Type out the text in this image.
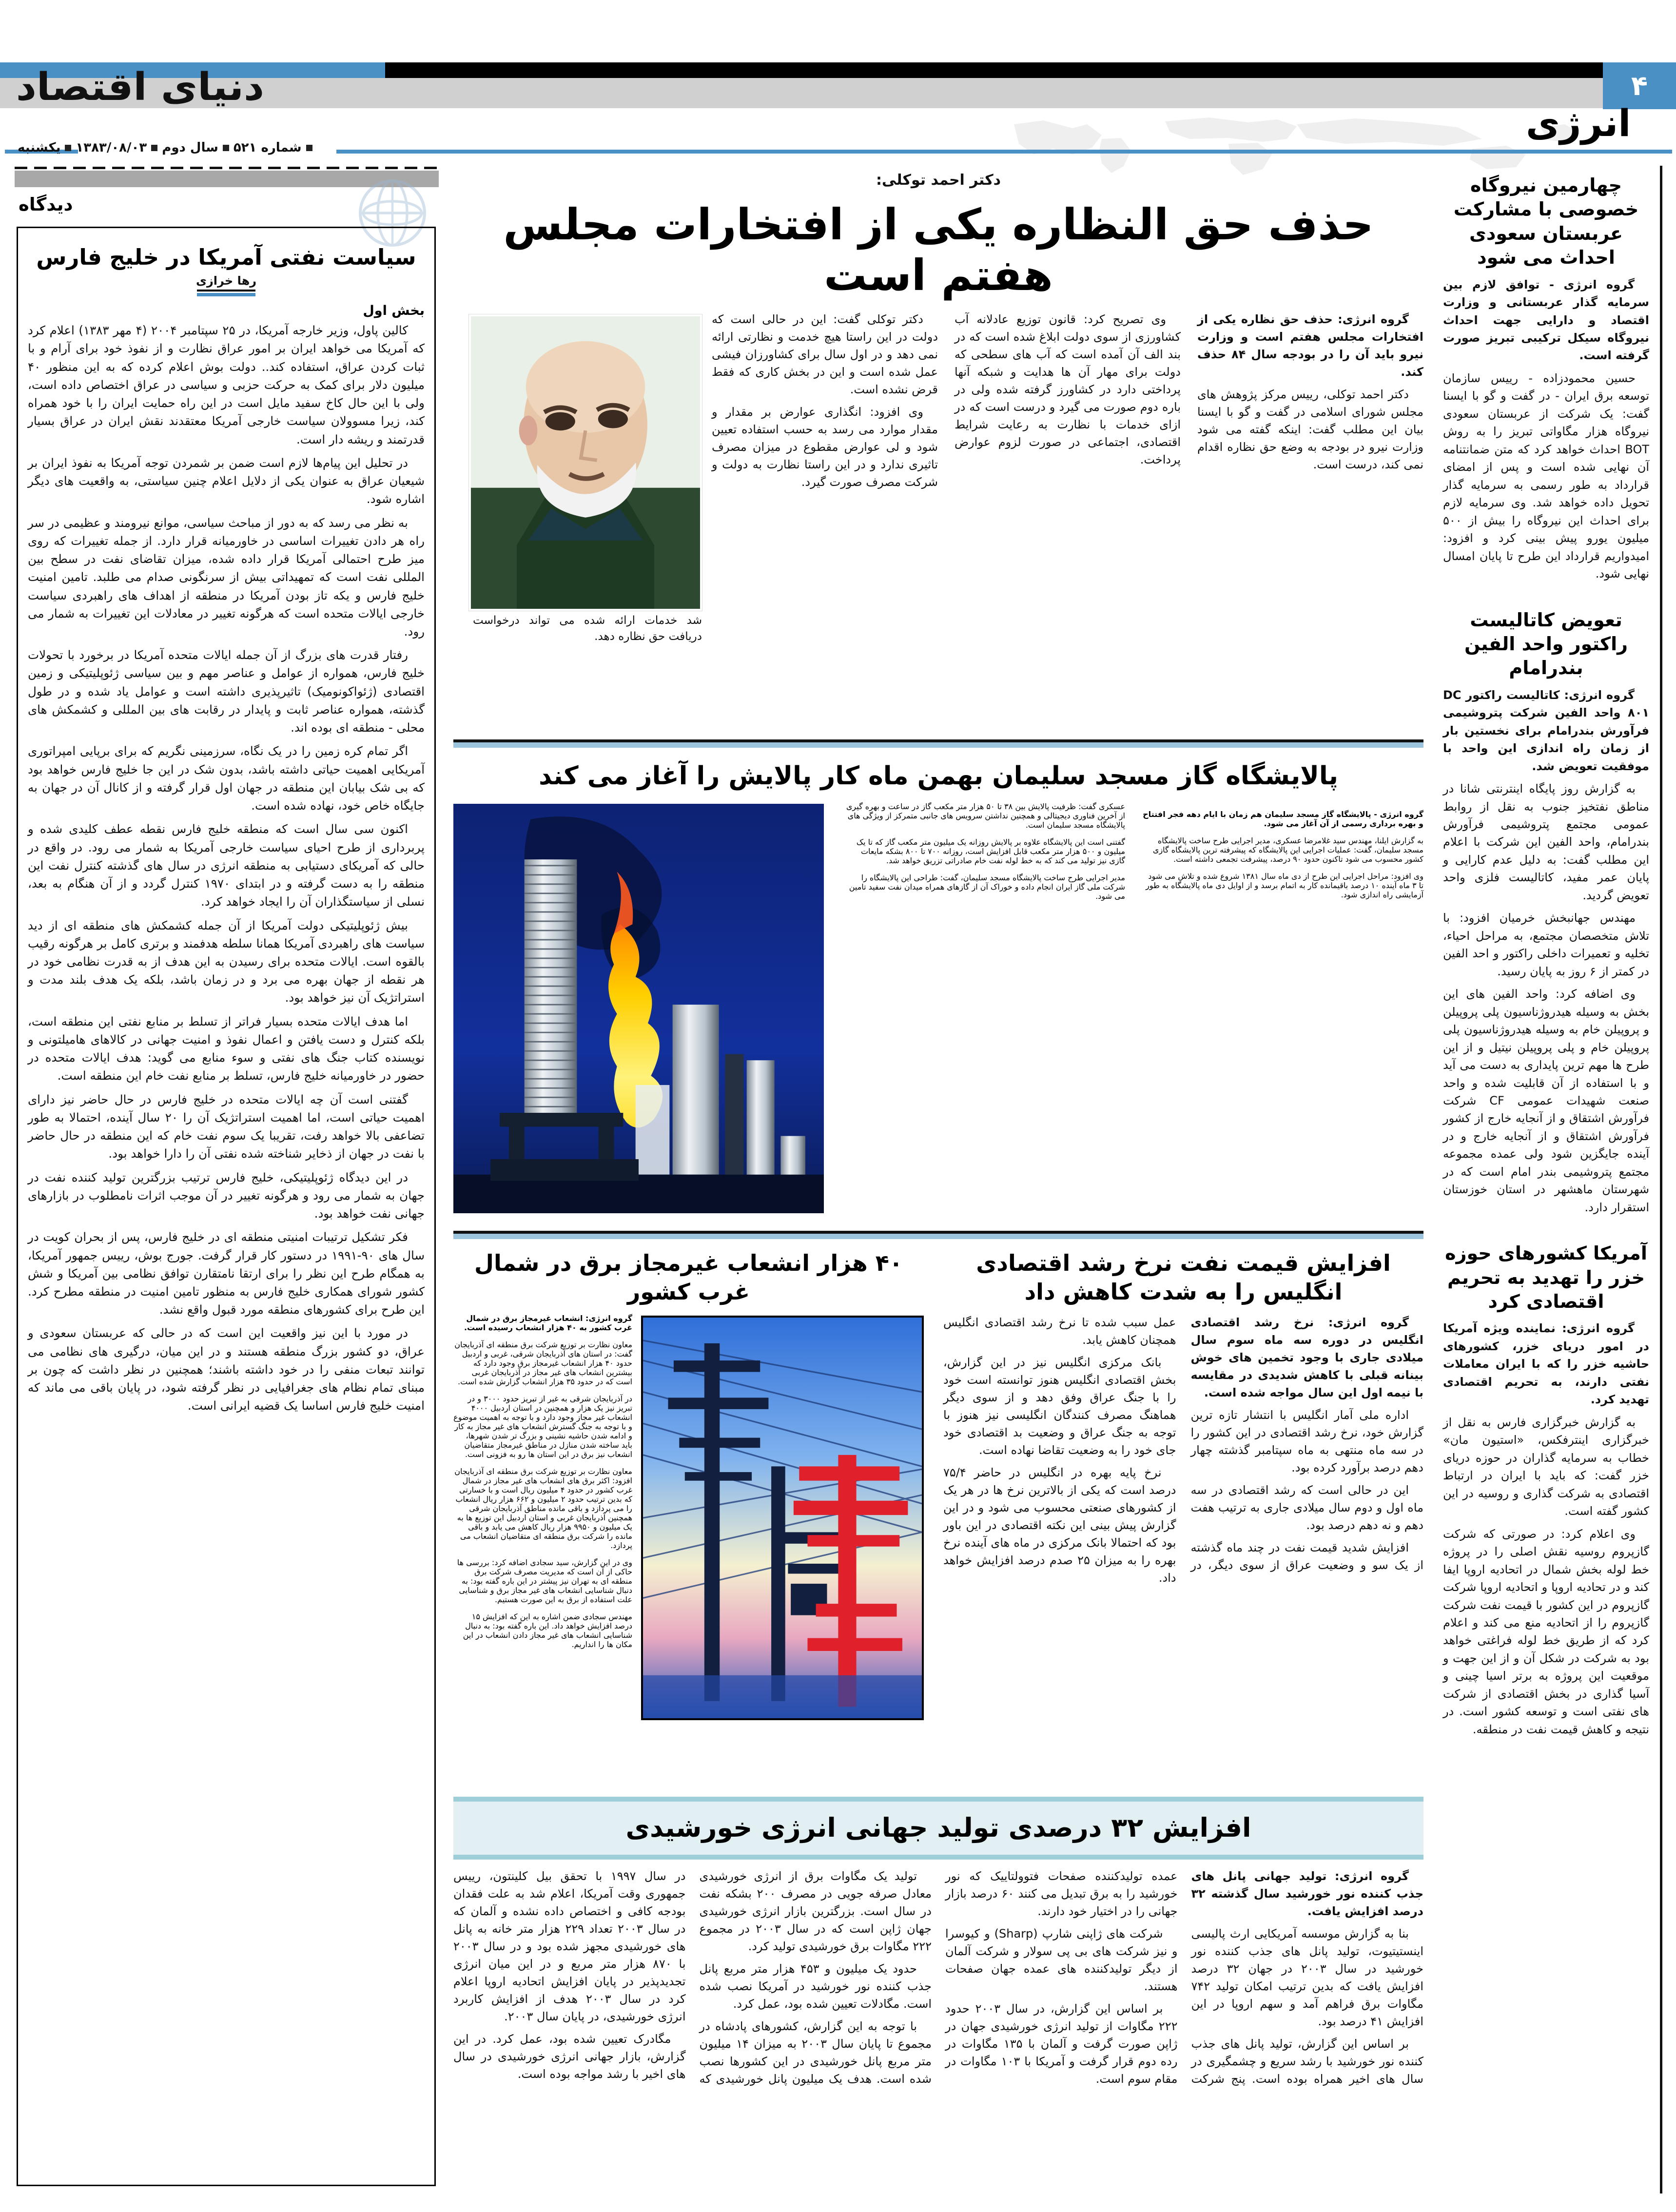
دنیای اقتصاد	۴
انرژی
شماره ۵۲۱سال دوم۱۳۸۳/۰۸/۰۳یکشنبه
دیدگاه
سیاست نفتی آمریکا در خلیج فارس
رها خرازی
بخش اول

کالین پاول، وزیر خارجه آمریکا، در ۲۵ سپتامبر ۲۰۰۴ (۴ مهر ۱۳۸۳) اعلام کرد که آمریکا می خواهد ایران بر امور عراق نظارت و از نفوذ خود برای آرام و با ثبات کردن عراق، استفاده کند.. دولت بوش اعلام کرده که به این منظور ۴۰ میلیون دلار برای کمک به حرکت حزبی و سیاسی در عراق اختصاص داده است، ولی با این حال کاخ سفید مایل است در این راه حمایت ایران را با خود همراه کند، زیرا مسوولان سیاست خارجی آمریکا معتقدند نقش ایران در عراق بسیار قدرتمند و ریشه دار است.

در تحلیل این پیام‌ها لازم است ضمن بر شمردن توجه آمریکا به نفوذ ایران بر شیعیان عراق به عنوان یکی از دلایل اعلام چنین سیاستی، به واقعیت های دیگر اشاره شود.

به نظر می رسد که به دور از مباحث سیاسی، موانع نیرومند و عظیمی در سر راه هر دادن تغییرات اساسی در خاورمیانه قرار دارد. از جمله تغییرات که روی میز طرح احتمالی آمریکا قرار داده شده، میزان تقاضای نفت در سطح بین المللی نفت است که تمهیداتی بیش از سرنگونی صدام می طلبد. تامین امنیت خلیج فارس و یکه تاز بودن آمریکا در منطقه از اهداف های راهبردی سیاست خارجی ایالات متحده است که هرگونه تغییر در معادلات این تغییرات به شمار می رود.

رفتار قدرت های بزرگ از آن جمله ایالات متحده آمریکا در برخورد با تحولات خلیج فارس، همواره از عوامل و عناصر مهم و بین سیاسی ژئوپلیتیکی و زمین اقتصادی (ژئواکونومیک) تاثیرپذیری داشته است و عوامل یاد شده و در طول گذشته، همواره عناصر ثابت و پایدار در رقابت های بین المللی و کشمکش های محلی - منطقه ای بوده اند.

اگر تمام کره زمین را در یک نگاه، سرزمینی نگریم که برای برپایی امپراتوری آمریکایی اهمیت حیاتی داشته باشد، بدون شک در این جا خلیج فارس خواهد بود که بی شک بیابان این منطقه در جهان اول قرار گرفته و از کانال آن در جهان به جایگاه خاص خود، نهاده شده است.

اکنون سی سال است که منطقه خلیج فارس نقطه عطف کلیدی شده و پربرداری از طرح احیای سیاست خارجی آمریکا به شمار می رود. در واقع در حالی که آمریکای دستیابی به منطقه انرژی در سال های گذشته کنترل نفت این منطقه را به دست گرفته و در ابتدای ۱۹۷۰ کنترل گردد و از آن هنگام به بعد، نسلی از سیاستگذاران آن را ایجاد خواهد کرد.

بیش ژئوپلیتیکی دولت آمریکا از آن جمله کشمکش های منطقه ای از دید سیاست های راهبردی آمریکا همانا سلطه هدفمند و برتری کامل بر هرگونه رقیب بالقوه است. ایالات متحده برای رسیدن به این هدف از به قدرت نظامی خود در هر نقطه از جهان بهره می برد و در زمان باشد، بلکه یک هدف بلند مدت و استراتژیک آن نیز خواهد بود.

اما هدف ایالات متحده بسیار فراتر از تسلط بر منابع نفتی این منطقه است، بلکه کنترل و دست یافتن و اعمال نفوذ و امنیت جهانی در کالاهای هامیلتونی و نویسنده کتاب جنگ های نفتی و سوء منابع می گوید: هدف ایالات متحده در حضور در خاورمیانه خلیج فارس، تسلط بر منابع نفت خام این منطقه است.

گفتنی است آن چه ایالات متحده در خلیج فارس در حال حاضر نیز دارای اهمیت حیاتی است، اما اهمیت استراتژیک آن را ۲۰ سال آینده، احتمالا به طور تضاعفی بالا خواهد رفت، تقریبا یک سوم نفت خام که این منطقه در حال حاضر با نفت در جهان از ذخایر شناخته شده نفتی آن را دارا خواهد بود.

در این دیدگاه ژئوپلیتیکی، خلیج فارس ترتیب بزرگترین تولید کننده نفت در جهان به شمار می رود و هرگونه تغییر در آن موجب اثرات نامطلوب در بازارهای جهانی نفت خواهد بود.

فکر تشکیل ترتیبات امنیتی منطقه ای در خلیج فارس، پس از بحران کویت در سال های ۹۰-۱۹۹۱ در دستور کار قرار گرفت. جورج بوش، رییس جمهور آمریکا، به همگام طرح این نظر را برای ارتقا نامتقارن توافق نظامی بین آمریکا و شش کشور شورای همکاری خلیج فارس به منظور تامین امنیت در منطقه مطرح کرد. این طرح برای کشورهای منطقه مورد قبول واقع نشد.

در مورد با این نیز واقعیت این است که در حالی که عربستان سعودی و عراق، دو کشور بزرگ منطقه هستند و در این میان، درگیری های نظامی می توانند تبعات منفی را در خود داشته باشند؛ همچنین در نظر داشت که چون بر مبنای تمام نظام های جغرافیایی در نظر گرفته شود، در پایان باقی می ماند که امنیت خلیج فارس اساسا یک قضیه ایرانی است.

دکتر احمد توکلی:
حذف حق النظاره یکی از افتخارات مجلس هفتم است
شد خدمات ارائه شده می تواند درخواست دریافت حق نظاره دهد.

گروه انرژی: حذف حق نظاره یکی از افتخارات مجلس هفتم است و وزارت نیرو باید آن را در بودجه سال ۸۴ حذف کند.

دکتر احمد توکلی، رییس مرکز پژوهش های مجلس شورای اسلامی در گفت و گو با ایسنا بیان این مطلب گفت: اینکه گفته می شود وزارت نیرو در بودجه به وضع حق نظاره اقدام نمی کند، درست است.

وی تصریح کرد: قانون توزیع عادلانه آب کشاورزی از سوی دولت ابلاغ شده است که در بند الف آن آمده است که آب های سطحی که دولت برای مهار آن ها هدایت و شبکه آنها پرداختی دارد در کشاورز گرفته شده ولی در باره دوم صورت می گیرد و درست است که در ازای خدمات با نظارت به رعایت شرایط اقتصادی، اجتماعی در صورت لزوم عوارض پرداخت.

دکتر توکلی گفت: این در حالی است که دولت در این راستا هیچ خدمت و نظارتی ارائه نمی دهد و در اول سال برای کشاورزان فیشی عمل شده است و این در بخش کاری که فقط قرض نشده است.

وی افزود: انگذاری عوارض بر مقدار و مقدار موارد می رسد به حسب استفاده تعیین شود و لی عوارض مقطوع در میزان مصرف تاثیری ندارد و در این راستا نظارت به دولت و شرکت مصرف صورت گیرد.

پالایشگاه گاز مسجد سلیمان بهمن ماه کار پالایش را آغاز می کند

گروه انرژی - پالایشگاه گاز مسجد سلیمان هم زمان با ایام دهه فجر افتتاح و بهره برداری رسمی از آن آغاز می شود.

به گزارش ایلنا، مهندس سید غلامرضا عسکری، مدیر اجرایی طرح ساخت پالایشگاه مسجد سلیمان، گفت: عملیات اجرایی این پالایشگاه که پیشرفته ترین پالایشگاه گازی کشور محسوب می شود تاکنون حدود ۹۰ درصد، پیشرفت تجمعی داشته است.

وی افزود: مراحل اجرایی این طرح از دی ماه سال ۱۳۸۱ شروع شده و تلاش می شود تا ۳ ماه آینده ۱۰ درصد باقیمانده کار به اتمام برسد و از اوایل دی ماه پالایشگاه به طور آزمایشی راه اندازی شود.

عسکری گفت: ظرفیت پالایش بین ۳۸ تا ۵۰ هزار متر مکعب گاز در ساعت و بهره گیری از آخرین فناوری دیجیتالی و همچنین نداشتن سرویس های جانبی متمرکز از ویژگی های پالایشگاه مسجد سلیمان است.

گفتنی است این پالایشگاه علاوه بر پالایش روزانه یک میلیون متر مکعب گاز که تا یک میلیون و ۵۰۰ هزار متر مکعب قابل افزایش است، روزانه ۷۰۰ تا ۸۰۰ بشکه مایعات گازی نیز تولید می کند که به خط لوله نفت خام صادراتی تزریق خواهد شد.

مدیر اجرایی طرح ساخت پالایشگاه مسجد سلیمان، گفت: طراحی این پالایشگاه را شرکت ملی گاز ایران انجام داده و خوراک آن از گازهای همراه میدان نفت سفید تامین می شود.

۴۰ هزار انشعاب غیرمجاز برق در شمال غرب کشور

گروه انرژی: انشعاب غیرمجاز برق در شمال غرب کشور به ۴۰ هزار انشعاب رسیده است.

معاون نظارت بر توزیع شرکت برق منطقه ای آذربایجان گفت: در استان های آذربایجان شرقی، غربی و اردبیل حدود ۴۰ هزار انشعاب غیرمجاز برق وجود دارد که بیشترین انشعاب های غیر مجاز در آذربایجان غربی است که در حدود ۳۵ هزار انشعاب گزارش شده است.

در آذربایجان شرقی به غیر از تبریز حدود ۳۰۰۰ و در تبریز نیز یک هزار و همچنین در استان اردبیل ۴۰۰۰ انشعاب غیر مجاز وجود دارد و با توجه به اهمیت موضوع و با توجه به جنگ گسترش انشعاب های غیر مجاز به کار و ادامه شدن حاشیه نشینی و بزرگ تر شدن شهرها، باید ساخته شدن منازل در مناطق غیرمجاز متقاضیان انشعاب نیز برق در این استان ها رو به فزونی است.

معاون نظارت بر توزیع شرکت برق منطقه ای آذربایجان افزود: اکثر برق های انشعاب های غیر مجاز در شمال غرب کشور در حدود ۴ میلیون ریال است و با خسارتی که بدین ترتیب حدود ۲ میلیون و ۶۶۲ هزار ریال انشعاب را می پردازد و باقی مانده مناطق آذربایجان شرقی همچنین آذربایجان غربی و استان اردبیل این توزیع ها به یک میلیون و ۹۹۵۰ هزار ریال کاهش می یابد و باقی مانده را شرکت برق منطقه ای متقاضیان انشعاب می پردازد.

وی در این گزارش، سید سجادی اضافه کرد: بررسی ها حاکی از آن است که مدیریت مصرف شرکت برق منطقه ای به تهران نیز پیشتر در این باره گفته بود: به دنبال شناسایی انشعاب های غیر مجاز برق و شناسایی علت استفاده از برق به این صورت هستیم.

مهندس سجادی ضمن اشاره به این که افزایش ۱۵ درصد افزایش خواهد داد. این باره گفته بود: به دنبال شناسایی انشعاب های غیر مجاز دادن انشعاب در این مکان ها را انداریم.

افزایش قیمت نفت نرخ رشد اقتصادی انگلیس را به شدت کاهش داد

گروه انرژی: نرخ رشد اقتصادی انگلیس در دوره سه ماه سوم سال میلادی جاری با وجود تخمین های خوش بینانه قبلی با کاهش شدیدی در مقایسه با نیمه اول این سال مواجه شده است.

اداره ملی آمار انگلیس با انتشار تازه ترین گزارش خود، نرخ رشد اقتصادی در این کشور را در سه ماه منتهی به ماه سپتامبر گذشته چهار دهم درصد برآورد کرده بود.

این در حالی است که رشد اقتصادی در سه ماه اول و دوم سال میلادی جاری به ترتیب هفت دهم و نه دهم درصد بود.

افزایش شدید قیمت نفت در چند ماه گذشته از یک سو و وضعیت عراق از سوی دیگر، در عمل سبب شده تا نرخ رشد اقتصادی انگلیس همچنان کاهش یابد.

بانک مرکزی انگلیس نیز در این گزارش، بخش اقتصادی انگلیس هنوز توانسته است خود را با جنگ عراق وفق دهد و از سوی دیگر هماهنگ مصرف کنندگان انگلیسی نیز هنوز با توجه به جنگ عراق و وضعیت بد اقتصادی خود جای خود را به وضعیت تقاضا نهاده است.

نرخ پایه بهره در انگلیس در حاضر ۷۵/۴ درصد است که یکی از بالاترین نرخ ها در هر یک از کشورهای صنعتی محسوب می شود و در این گزارش پیش بینی این نکته اقتصادی در این باور بود که احتمالا بانک مرکزی در ماه های آینده نرخ بهره را به میزان ۲۵ صدم درصد افزایش خواهد داد.

افزایش ۳۲ درصدی تولید جهانی انرژی خورشیدی

گروه انرژی: تولید جهانی پانل های جذب کننده نور خورشید سال گذشته ۳۲ درصد افزایش یافت.

بنا به گزارش موسسه آمریکایی ارث پالیسی اینستیتیوت، تولید پانل های جذب کننده نور خورشید در سال ۲۰۰۳ در جهان ۳۲ درصد افزایش یافت که بدین ترتیب امکان تولید ۷۴۲ مگاوات برق فراهم آمد و سهم اروپا در این افزایش ۴۱ درصد بود.

بر اساس این گزارش، تولید پانل های جذب کننده نور خورشید با رشد سریع و چشمگیری در سال های اخیر همراه بوده است. پنج شرکت عمده تولیدکننده صفحات فتوولتاییک که نور خورشید را به برق تبدیل می کنند ۶۰ درصد بازار جهانی را در اختیار خود دارند.

شرکت های ژاپنی شارپ (Sharp) و کیوسرا و نیز شرکت های بی پی سولار و شرکت آلمان از دیگر تولیدکننده های عمده جهان صفحات هستند.

بر اساس این گزارش، در سال ۲۰۰۳ حدود ۲۲۲ مگاوات از تولید انرژی خورشیدی جهان در ژاپن صورت گرفت و آلمان با ۱۳۵ مگاوات در رده دوم قرار گرفت و آمریکا با ۱۰۳ مگاوات در مقام سوم است.

تولید یک مگاوات برق از انرژی خورشیدی معادل صرفه جویی در مصرف ۲۰۰ بشکه نفت در سال است. بزرگترین بازار انرژی خورشیدی جهان ژاپن است که در سال ۲۰۰۳ در مجموع ۲۲۲ مگاوات برق خورشیدی تولید کرد.

حدود یک میلیون و ۴۵۳ هزار متر مربع پانل جذب کننده نور خورشید در آمریکا نصب شده است. مگادلات تعیین شده بود، عمل کرد.

با توجه به این گزارش، کشورهای پادشاه در مجموع تا پایان سال ۲۰۰۳ به میزان ۱۴ میلیون متر مربع پانل خورشیدی در این کشورها نصب شده است. هدف یک میلیون پانل خورشیدی که در سال ۱۹۹۷ با تحقق بیل کلینتون، رییس جمهوری وقت آمریکا، اعلام شد به علت فقدان بودجه کافی و اختصاص داده نشده و آلمان که در سال ۲۰۰۳ تعداد ۲۲۹ هزار متر خانه به پانل های خورشیدی مجهز شده بود و در سال ۲۰۰۳ با ۸۷۰ هزار متر مربع و در این میان انرژی تجدیدپذیر در پایان افزایش اتحادیه اروپا اعلام کرد در سال ۲۰۰۳ هدف از افزایش کاربرد انرژی خورشیدی، در پایان سال ۲۰۰۳.

مگادرک تعیین شده بود، عمل کرد. در این گزارش، بازار جهانی انرژی خورشیدی در سال های اخیر با رشد مواجه بوده است.

چهارمین نیروگاه خصوصی با مشارکت عربستان سعودی احداث می شود

گروه انرژی - توافق لازم بین سرمایه گذار عربستانی و وزارت اقتصاد و دارایی جهت احداث نیروگاه سیکل ترکیبی تبریز صورت گرفته است.

حسین محمودزاده - رییس سازمان توسعه برق ایران - در گفت و گو با ایسنا گفت: یک شرکت از عربستان سعودی نیروگاه هزار مگاواتی تبریز را به روش BOT احداث خواهد کرد که متن ضمانتنامه آن نهایی شده است و پس از امضای قرارداد به طور رسمی به سرمایه گذار تحویل داده خواهد شد. وی سرمایه لازم برای احداث این نیروگاه را بیش از ۵۰۰ میلیون یورو پیش بینی کرد و افزود: امیدواریم قرارداد این طرح تا پایان امسال نهایی شود.

تعویض کاتالیست راکتور واحد الفین بندرامام

گروه انرژی: کاتالیست راکتور DC ۸۰۱ واحد الفین شرکت پتروشیمی فرآورش بندرامام برای نخستین بار از زمان راه اندازی این واحد با موفقیت تعویض شد.

به گزارش روز پایگاه اینترنتی شانا در مناطق نفتخیز جنوب به نقل از روابط عمومی مجتمع پتروشیمی فرآورش بندرامام، واحد الفین این شرکت با اعلام این مطلب گفت: به دلیل عدم کارایی و پایان عمر مفید، کاتالیست فلزی واحد تعویض گردید.

مهندس جهانبخش خرمیان افزود: با تلاش متخصصان مجتمع، به مراحل احیاء، تخلیه و تعمیرات داخلی راکتور و احد الفین در کمتر از ۶ روز به پایان رسید.

وی اضافه کرد: واحد الفین های این بخش به وسیله هیدروژناسیون پلی پروپیلن و پروپیلن خام به وسیله هیدروژناسیون پلی پروپیلن خام و پلی پروپیلن نیتیل و از این طرح ها مهم ترین پایداری به دست می آید و با استفاده از آن قابلیت شده و واحد صنعت شهیدات عمومی CF شرکت فرآورش اشتقاق و از آنجایه خارج از کشور فرآورش اشتقاق و از آنجایه خارج و در آینده جایگزین شود ولی عمده مجموعه مجتمع پتروشیمی بندر امام است که در شهرستان ماهشهر در استان خوزستان استقرار دارد.

آمریکا کشورهای حوزه خزر را تهدید به تحریم اقتصادی کرد

گروه انرژی: نماینده ویژه آمریکا در امور دریای خزر، کشورهای حاشیه خزر را که با ایران معاملات نفتی دارند، به تحریم اقتصادی تهدید کرد.

به گزارش خبرگزاری فارس به نقل از خبرگزاری اینترفکس، «استیون مان» خطاب به سرمایه گذاران در حوزه دریای خزر گفت: که باید با ایران در ارتباط اقتصادی به شرکت گذاری و روسیه در این کشور گفته است.

وی اعلام کرد: در صورتی که شرکت گازپروم روسیه نقش اصلی را در پروژه خط لوله بخش شمال در اتحادیه اروپا ایفا کند و در تحادیه اروپا و اتحادیه اروپا شرکت گازپروم در این کشور با قیمت نفت شرکت گازپروم را از اتحادیه منع می کند و اعلام کرد که از طریق خط لوله فراغتی خواهد بود به شرکت در شکل آن و از این جهت و موقعیت این پروژه به برتر اسیا چینی و آسیا گذاری در بخش اقتصادی از شرکت های نفتی است و توسعه کشور است. در نتیجه و کاهش قیمت نفت در منطقه.
